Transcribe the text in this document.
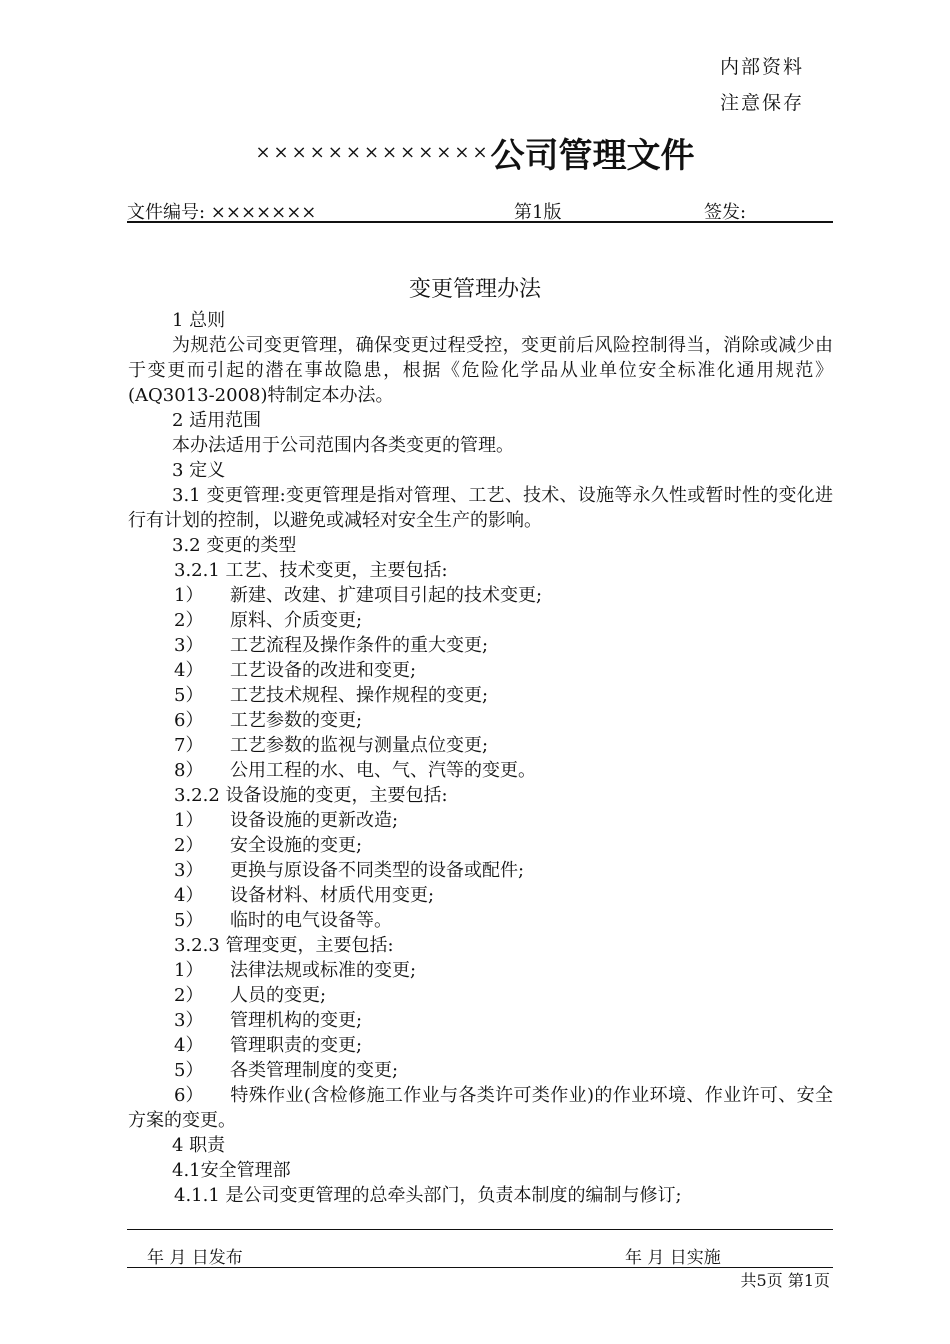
内部资料
注意保存
×××××××××××××公司管理文件
文件编号: ×××××××	第1版	签发:
变更管理办法

1 总则

为规范公司变更管理，确保变更过程受控，变更前后风险控制得当，消除或减少由于变更而引起的潜在事故隐患，根据《危险化学品从业单位安全标准化通用规范》(AQ3013-2008)特制定本办法。

2 适用范围

本办法适用于公司范围内各类变更的管理。

3 定义

3.1 变更管理:变更管理是指对管理、工艺、技术、设施等永久性或暂时性的变化进行有计划的控制，以避免或减轻对安全生产的影响。

3.2 变更的类型

3.2.1 工艺、技术变更，主要包括:

1） 新建、改建、扩建项目引起的技术变更;

2） 原料、介质变更;

3） 工艺流程及操作条件的重大变更;

4） 工艺设备的改进和变更;

5） 工艺技术规程、操作规程的变更;

6） 工艺参数的变更;

7） 工艺参数的监视与测量点位变更;

8） 公用工程的水、电、气、汽等的变更。

3.2.2 设备设施的变更，主要包括:

1） 设备设施的更新改造;

2） 安全设施的变更;

3） 更换与原设备不同类型的设备或配件;

4） 设备材料、材质代用变更;

5） 临时的电气设备等。

3.2.3 管理变更，主要包括:

1） 法律法规或标准的变更;

2） 人员的变更;

3） 管理机构的变更;

4） 管理职责的变更;

5） 各类管理制度的变更;

6） 特殊作业(含检修施工作业与各类许可类作业)的作业环境、作业许可、安全方案的变更。

4 职责

4.1安全管理部

4.1.1 是公司变更管理的总牵头部门，负责本制度的编制与修订;

年 月 日发布	年 月 日实施
共5页 第1页
